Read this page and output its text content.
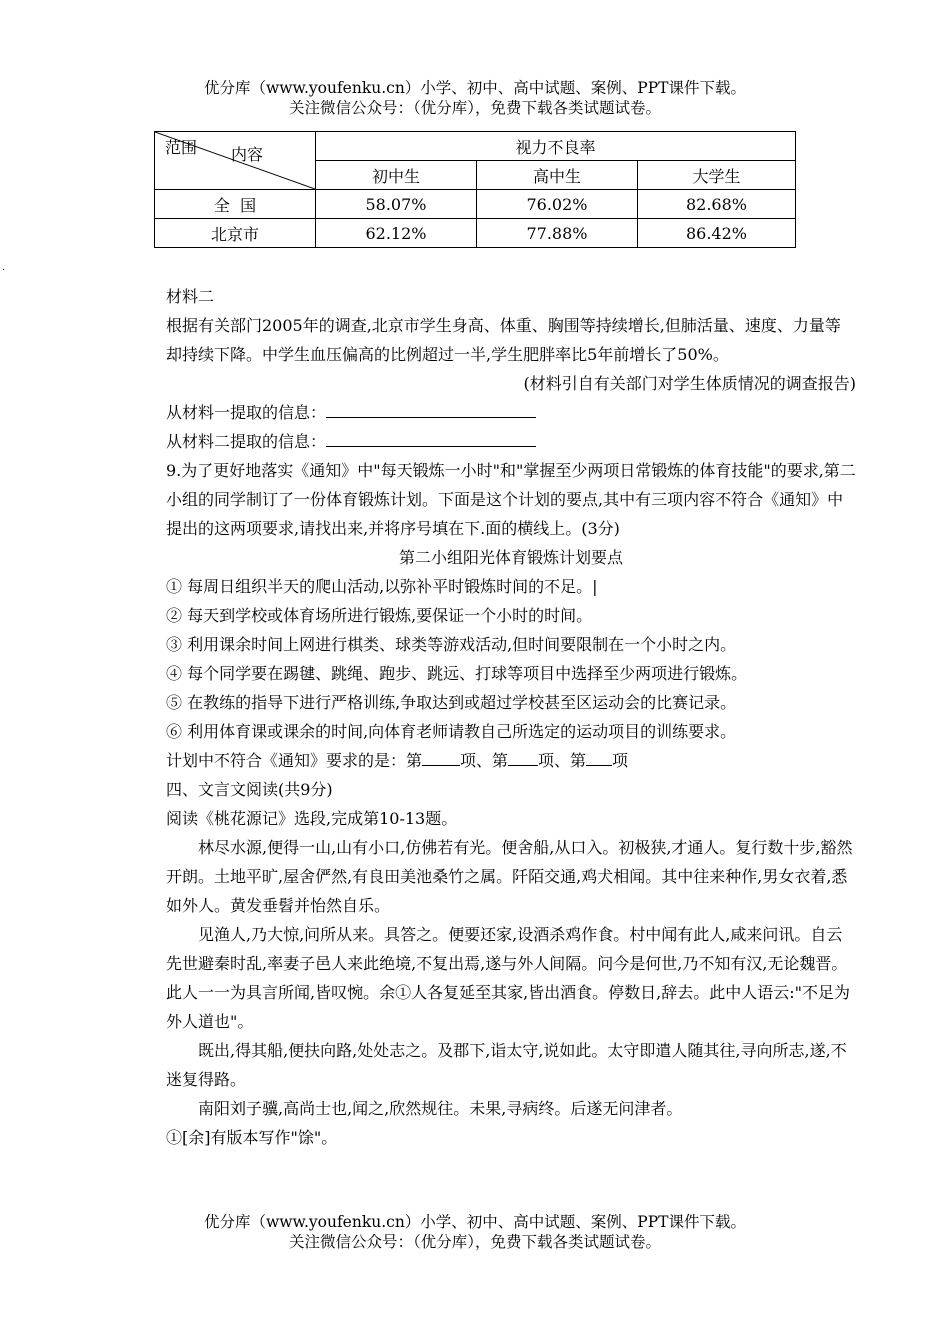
优分库（www.youfenku.cn）小学、初中、高中试题、案例、PPT课件下载。
关注微信公众号：（优分库），免费下载各类试题试卷。
范围 内容	视力不良率		
	初中生	高中生	大学生
全  国	58.07%	76.02%	82.68%
北京市	62.12%	77.88%	86.42%
·

材料二

根据有关部门2005年的调查,北京市学生身高、体重、胸围等持续增长,但肺活量、速度、力量等却持续下降。中学生血压偏高的比例超过一半,学生肥胖率比5年前增长了50%。

(材料引自有关部门对学生体质情况的调查报告)

从材料一提取的信息：

从材料二提取的信息：

9.为了更好地落实《通知》中"每天锻炼一小时"和"掌握至少两项日常锻炼的体育技能"的要求,第二小组的同学制订了一份体育锻炼计划。下面是这个计划的要点,其中有三项内容不符合《通知》中提出的这两项要求,请找出来,并将序号填在下.面的横线上。(3分)

第二小组阳光体育锻炼计划要点

① 每周日组织半天的爬山活动,以弥补平时锻炼时间的不足。|

② 每天到学校或体育场所进行锻炼,要保证一个小时的时间。

③ 利用课余时间上网进行棋类、球类等游戏活动,但时间要限制在一个小时之内。

④ 每个同学要在踢毽、跳绳、跑步、跳远、打球等项目中选择至少两项进行锻炼。

⑤ 在教练的指导下进行严格训练,争取达到或超过学校甚至区运动会的比赛记录。

⑥ 利用体育课或课余的时间,向体育老师请教自己所选定的运动项目的训练要求。

计划中不符合《通知》要求的是：第 项、第 项、第 项

四、文言文阅读(共9分)

阅读《桃花源记》选段,完成第10-13题。

林尽水源,便得一山,山有小口,仿佛若有光。便舍船,从口入。初极狭,才通人。复行数十步,豁然开朗。土地平旷,屋舍俨然,有良田美池桑竹之属。阡陌交通,鸡犬相闻。其中往来种作,男女衣着,悉如外人。黄发垂髫并怡然自乐。

见渔人,乃大惊,问所从来。具答之。便要还家,设酒杀鸡作食。村中闻有此人,咸来问讯。自云先世避秦时乱,率妻子邑人来此绝境,不复出焉,遂与外人间隔。问今是何世,乃不知有汉,无论魏晋。此人一一为具言所闻,皆叹惋。余①人各复延至其家,皆出酒食。停数日,辞去。此中人语云:"不足为外人道也"。

既出,得其船,便扶向路,处处志之。及郡下,诣太守,说如此。太守即遣人随其往,寻向所志,遂,不迷复得路。

南阳刘子骥,高尚士也,闻之,欣然规往。未果,寻病终。后遂无问津者。

①[余]有版本写作"馀"。

优分库（www.youfenku.cn）小学、初中、高中试题、案例、PPT课件下载。
关注微信公众号：（优分库），免费下载各类试题试卷。
